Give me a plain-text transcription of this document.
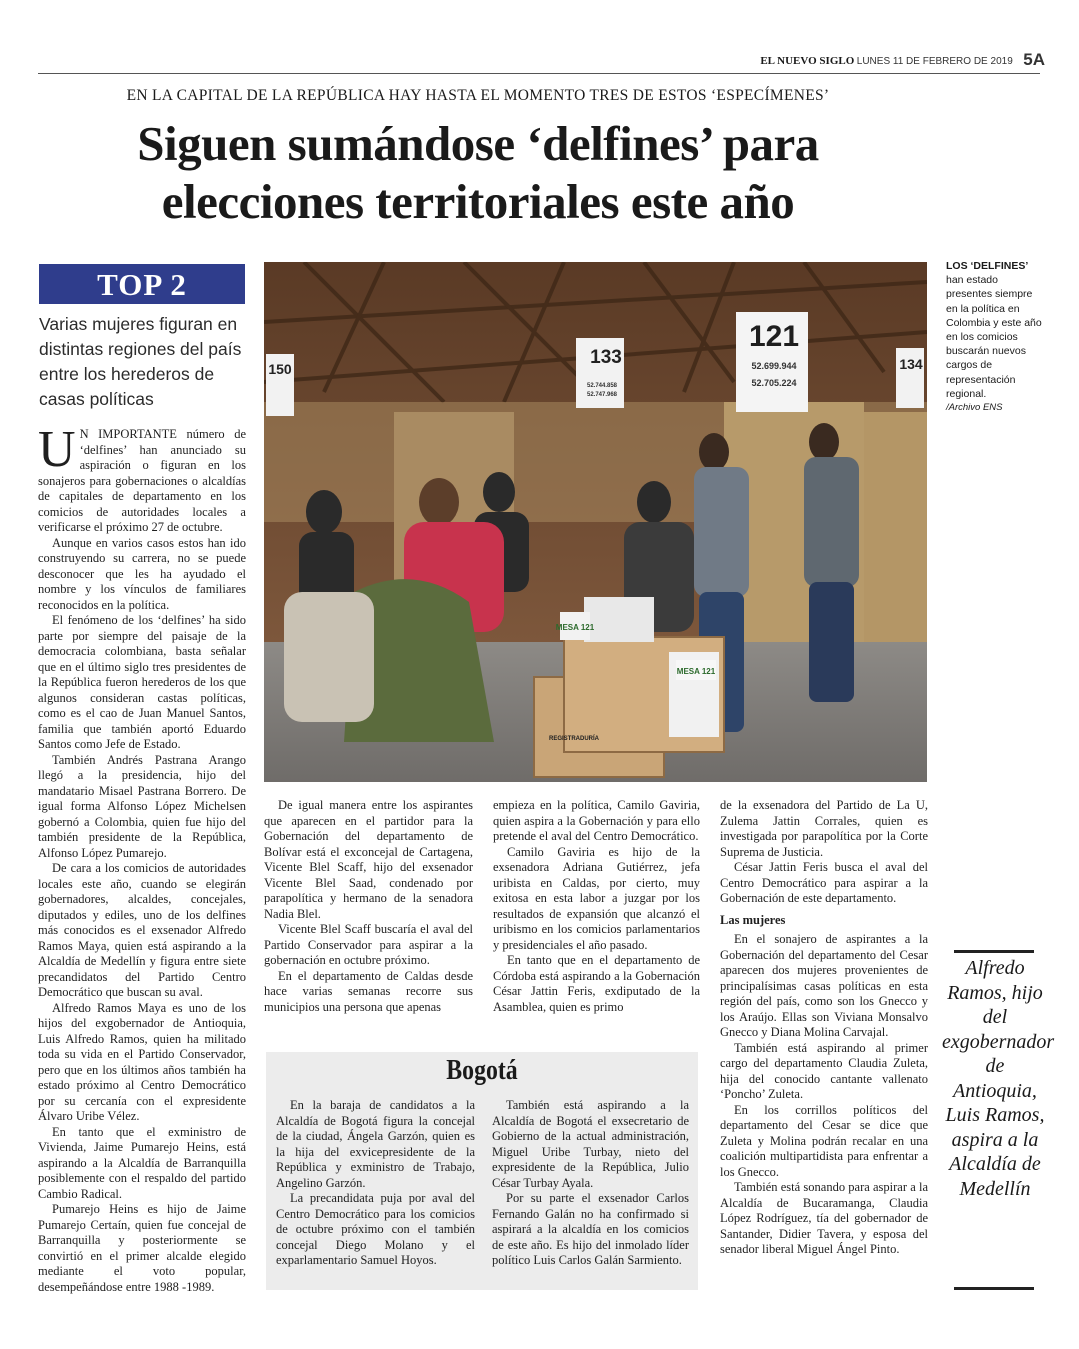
EL NUEVO SIGLO LUNES 11 DE FEBRERO DE 2019 5A
EN LA CAPITAL DE LA REPÚBLICA HAY HASTA EL MOMENTO TRES DE ESTOS ‘ESPECÍMENES’
Siguen sumándose ‘delfines’ para elecciones territoriales este año
TOP 2
Varias mujeres figuran en distintas regiones del país entre los herederos de casas políticas
150
133
52.744.858
52.747.968
121
52.699.944
52.705.224
134
MESA 121
MESA 121
REGISTRADURÍA
LOS ‘DELFINES’ han estado presentes siempre en la política en Colombia y este año en los comicios buscarán nuevos cargos de representación regional.
/Archivo ENS

UN IMPORTANTE número de ‘delfines’ han anunciado su aspiración o figuran en los sonajeros para gobernaciones o alcaldías de capitales de departamento en los comicios de autoridades locales a verificarse el próximo 27 de octubre.

Aunque en varios casos estos han ido construyendo su carrera, no se puede desconocer que les ha ayudado el nombre y los vínculos de familiares reconocidos en la política.

El fenómeno de los ‘delfines’ ha sido parte por siempre del paisaje de la democracia colombiana, basta señalar que en el último siglo tres presidentes de la República fueron herederos de los que algunos consideran castas políticas, como es el cao de Juan Manuel Santos, familia que también aportó Eduardo Santos como Jefe de Estado.

También Andrés Pastrana Arango llegó a la presidencia, hijo del mandatario Misael Pastrana Borrero. De igual forma Alfonso López Michelsen gobernó a Colombia, quien fue hijo del también presidente de la República, Alfonso López Pumarejo.

De cara a los comicios de autoridades locales este año, cuando se elegirán gobernadores, alcaldes, concejales, diputados y ediles, uno de los delfines más conocidos es el exsenador Alfredo Ramos Maya, quien está aspirando a la Alcaldía de Medellín y figura entre siete precandidatos del Partido Centro Democrático que buscan su aval.

Alfredo Ramos Maya es uno de los hijos del exgobernador de Antioquia, Luis Alfredo Ramos, quien ha militado toda su vida en el Partido Conservador, pero que en los últimos años también ha estado próximo al Centro Democrático por su cercanía con el expresidente Álvaro Uribe Vélez.

En tanto que el exministro de Vivienda, Jaime Pumarejo Heins, está aspirando a la Alcaldía de Barranquilla posiblemente con el respaldo del partido Cambio Radical.

Pumarejo Heins es hijo de Jaime Pumarejo Certaín, quien fue concejal de Barranquilla y posteriormente se convirtió en el primer alcalde elegido mediante el voto popular, desempeñándose entre 1988 -1989.

De igual manera entre los aspirantes que aparecen en el partidor para la Gobernación del departamento de Bolívar está el exconcejal de Cartagena, Vicente Blel Scaff, hijo del exsenador Vicente Blel Saad, condenado por parapolítica y hermano de la senadora Nadia Blel.

Vicente Blel Scaff buscaría el aval del Partido Conservador para aspirar a la gobernación en octubre próximo.

En el departamento de Caldas desde hace varias semanas recorre sus municipios una persona que apenas

empieza en la política, Camilo Gaviria, quien aspira a la Gobernación y para ello pretende el aval del Centro Democrático.

Camilo Gaviria es hijo de la exsenadora Adriana Gutiérrez, jefa uribista en Caldas, por cierto, muy exitosa en esta labor a juzgar por los resultados de expansión que alcanzó el uribismo en los comicios parlamentarios y presidenciales el año pasado.

En tanto que en el departamento de Córdoba está aspirando a la Gobernación César Jattin Feris, exdiputado de la Asamblea, quien es primo

de la exsenadora del Partido de La U, Zulema Jattin Corrales, quien es investigada por parapolítica por la Corte Suprema de Justicia.

César Jattin Feris busca el aval del Centro Democrático para aspirar a la Gobernación de este departamento.

Las mujeres

En el sonajero de aspirantes a la Gobernación del departamento del Cesar aparecen dos mujeres provenientes de principalísimas casas políticas en esta región del país, como son los Gnecco y los Araújo. Ellas son Viviana Monsalvo Gnecco y Diana Molina Carvajal.

También está aspirando al primer cargo del departamento Claudia Zuleta, hija del conocido cantante vallenato ‘Poncho’ Zuleta.

En los corrillos políticos del departamento del Cesar se dice que Zuleta y Molina podrán recalar en una coalición multipartidista para enfrentar a los Gnecco.

También está sonando para aspirar a la Alcaldía de Bucaramanga, Claudia López Rodríguez, tía del gobernador de Santander, Didier Tavera, y esposa del senador liberal Miguel Ángel Pinto.

Bogotá

En la baraja de candidatos a la Alcaldía de Bogotá figura la concejal de la ciudad, Ángela Garzón, quien es la hija del exvicepresidente de la República y exministro de Trabajo, Angelino Garzón.

La precandidata puja por aval del Centro Democrático para los comicios de octubre próximo con el también concejal Diego Molano y el exparlamentario Samuel Hoyos.

También está aspirando a la Alcaldía de Bogotá el exsecretario de Gobierno de la actual administración, Miguel Uribe Turbay, nieto del expresidente de la República, Julio César Turbay Ayala.

Por su parte el exsenador Carlos Fernando Galán no ha confirmado si aspirará a la alcaldía en los comicios de este año. Es hijo del inmolado líder político Luis Carlos Galán Sarmiento.

Alfredo Ramos, hijo del exgobernador de Antioquia, Luis Ramos, aspira a la Alcaldía de Medellín
